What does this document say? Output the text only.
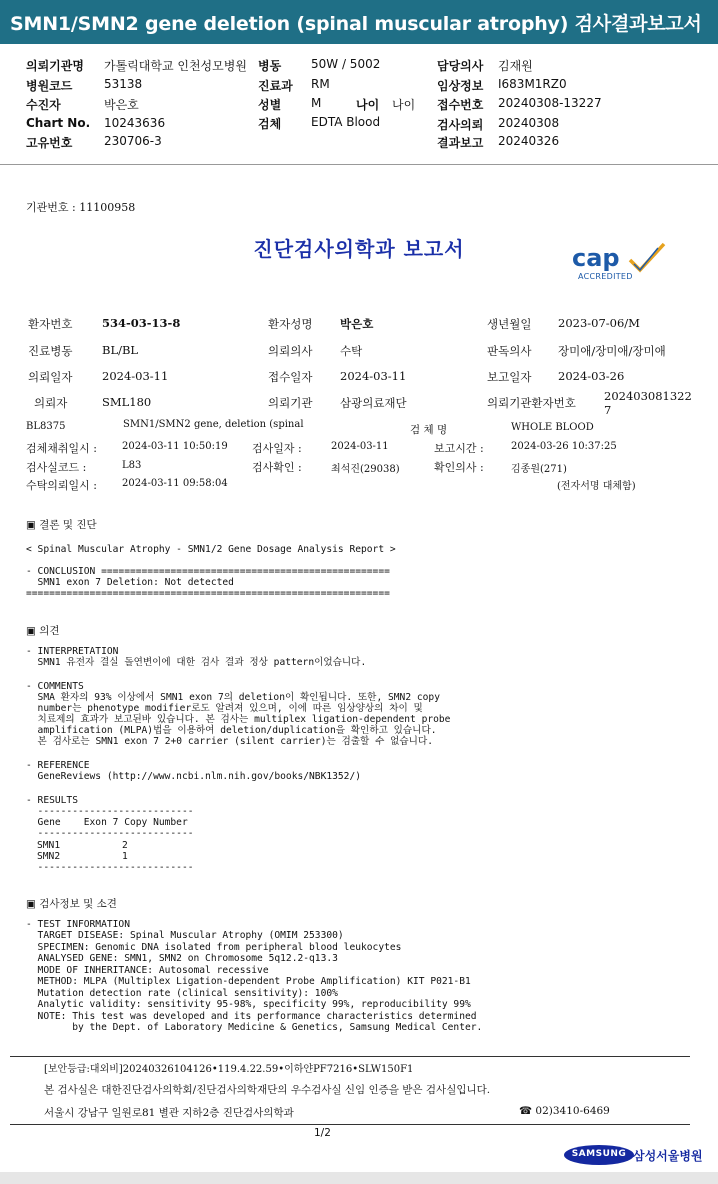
SMN1/SMN2 gene deletion (spinal muscular atrophy) 검사결과보고서
의뢰기관명 가톨릭대학교 인천성모병원
병원코드	53138
수진자	박은호
Chart No. 10243636
고유번호	230706-3
병동 50W / 5002
진료과 RM
성별 M
검체 EDTA Blood
나이 나이
담당의사 김재원
임상정보 I683M1RZ0
접수번호 20240308-13227
검사의뢰 20240308
결과보고 20240326
기관번호 : 11100958
진단검사의학과 보고서	cap
ACCREDITED
환자번호	534-03-13-8	환자성명 박은호	생년월일 2023-07-06/M
진료병동	BL/BL	의뢰의사 수탁	판독의사 장미애/장미애/장미애
의뢰일자	2024-03-11	접수일자 2024-03-11	보고일자 2024-03-26
의뢰자	SML180	의뢰기관 삼광의료재단	의뢰기관환자번호 202403081322
7
BL8375	SMN1/SMN2 gene, deletion (spinal	검 체 명	WHOLE BLOOD
검체채취일시 :	2024-03-11 10:50:19 검사일자 :	2024-03-11	보고시간 :	2024-03-26 10:37:25
검사실코드 :	L83	검사확인 :	최석진(29038)	확인의사 :	김종원(271)
수탁의뢰일시 :	2024-03-11 09:58:04	(전자서명 대체함)
▣ 결론 및 진단
< Spinal Muscular Atrophy - SMN1/2 Gene Dosage Analysis Report >
- CONCLUSION ==================================================
SMN1 exon 7 Deletion: Not detected
===============================================================
▣ 의견
- INTERPRETATION
SMN1 유전자 결실 돌연변이에 대한 검사 결과 정상 pattern이었습니다.
- COMMENTS
SMA 환자의 93% 이상에서 SMN1 exon 7의 deletion이 확인됩니다. 또한, SMN2 copy
number는 phenotype modifier로도 알려져 있으며, 이에 따른 임상양상의 차이 및
치료제의 효과가 보고된바 있습니다. 본 검사는 multiplex ligation-dependent probe
amplification (MLPA)법을 이용하여 deletion/duplication을 확인하고 있습니다.
본 검사로는 SMN1 exon 7 2+0 carrier (silent carrier)는 검출할 수 없습니다.
- REFERENCE
GeneReviews (http://www.ncbi.nlm.nih.gov/books/NBK1352/)
- RESULTS
---------------------------
Gene    Exon 7 Copy Number
---------------------------
SMN1	2
SMN2	1
---------------------------
▣ 검사정보 및 소견
- TEST INFORMATION
TARGET DISEASE: Spinal Muscular Atrophy (OMIM 253300)
SPECIMEN: Genomic DNA isolated from peripheral blood leukocytes
ANALYSED GENE: SMN1, SMN2 on Chromosome 5q12.2-q13.3
MODE OF INHERITANCE: Autosomal recessive
METHOD: MLPA (Multiplex Ligation-dependent Probe Amplification) KIT P021-B1
Mutation detection rate (clinical sensitivity): 100%
Analytic validity: sensitivity 95-98%, specificity 99%, reproducibility 99%
NOTE: This test was developed and its performance characteristics determined
by the Dept. of Laboratory Medicine & Genetics, Samsung Medical Center.
[보안등급:대외비]20240326104126•119.4.22.59•이하얀PF7216•SLW150F1
본 검사실은 대한진단검사의학회/진단검사의학재단의 우수검사실 신임 인증을 받은 검사실입니다.
서울시 강남구 일원로81 별관 지하2층 진단검사의학과	☎ 02)3410-6469
1/2
SAMSUNG 삼성서울병원
